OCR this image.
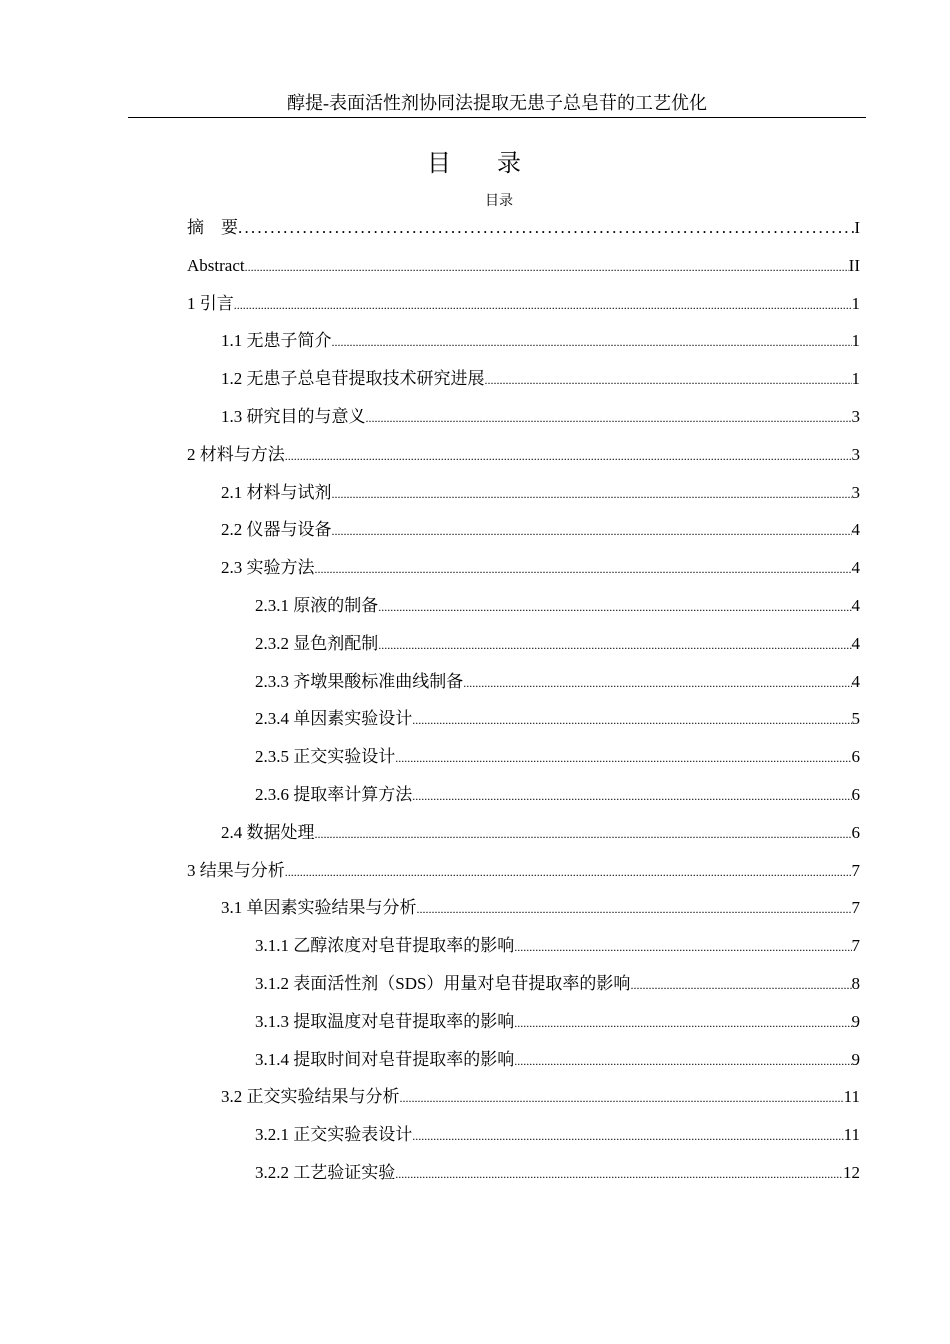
醇提-表面活性剂协同法提取无患子总皂苷的工艺优化
目 录
目录
摘    要 .....	I
Abstract .....	II
1 引言 .....	1
1.1 无患子简介 .....	1
1.2 无患子总皂苷提取技术研究进展 .....	1
1.3 研究目的与意义 .....	3
2 材料与方法 .....	3
2.1 材料与试剂 .....	3
2.2 仪器与设备 .....	4
2.3 实验方法 .....	4
2.3.1 原液的制备 .....	4
2.3.2 显色剂配制 .....	4
2.3.3 齐墩果酸标准曲线制备 .....	4
2.3.4 单因素实验设计 .....	5
2.3.5 正交实验设计 .....	6
2.3.6 提取率计算方法 .....	6
2.4 数据处理 .....	6
3 结果与分析 .....	7
3.1 单因素实验结果与分析 .....	7
3.1.1 乙醇浓度对皂苷提取率的影响 .....	7
3.1.2 表面活性剂（SDS）用量对皂苷提取率的影响 .....	8
3.1.3 提取温度对皂苷提取率的影响 .....	9
3.1.4 提取时间对皂苷提取率的影响 .....	9
3.2 正交实验结果与分析 .....	11
3.2.1 正交实验表设计 .....	11
3.2.2 工艺验证实验 .....	12
